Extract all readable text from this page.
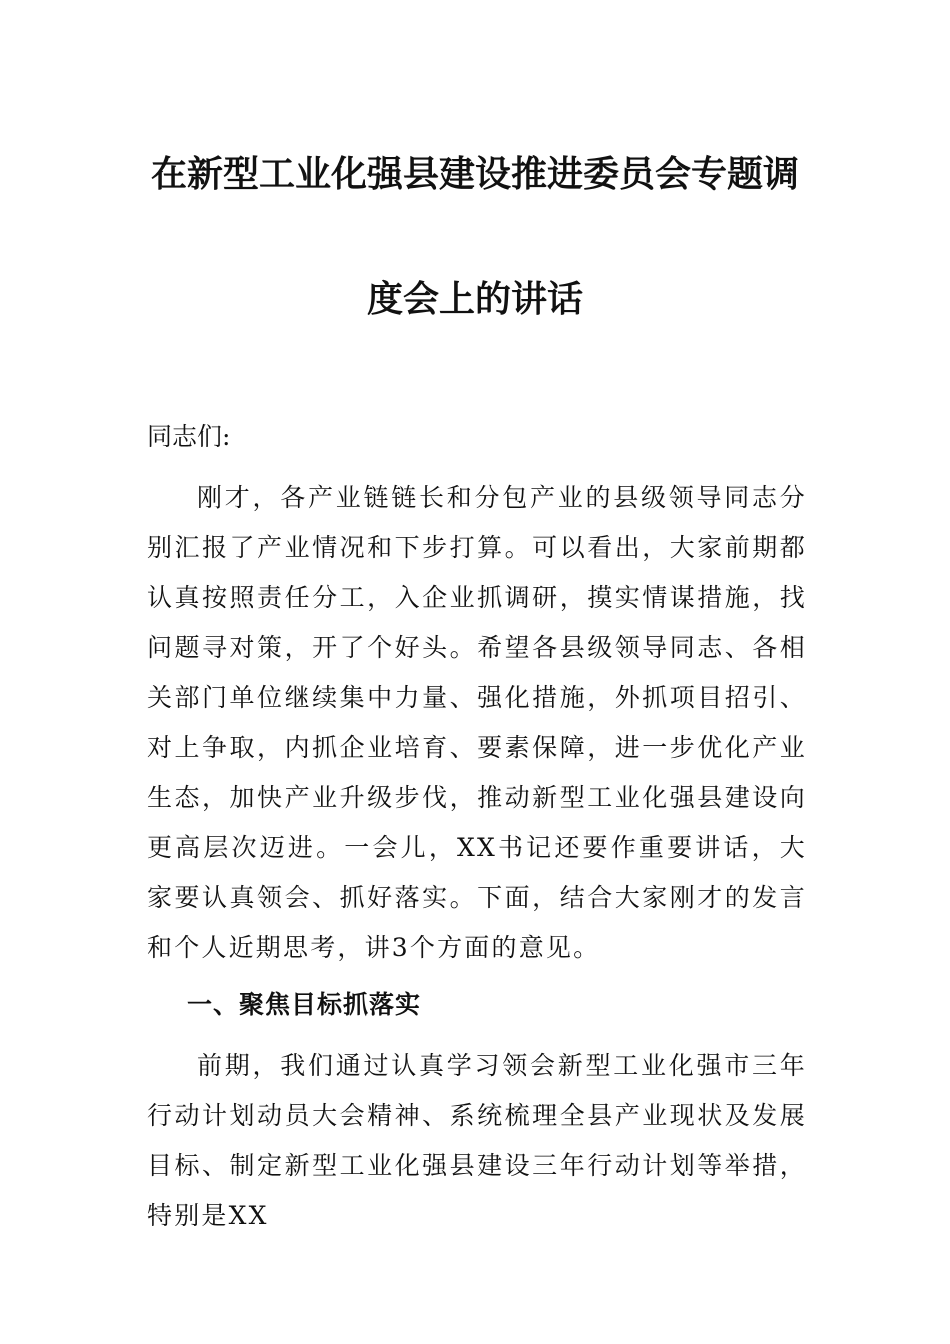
在新型工业化强县建设推进委员会专题调
度会上的讲话

同志们:

刚才，各产业链链长和分包产业的县级领导同志分别汇报了产业情况和下步打算。可以看出，大家前期都认真按照责任分工，入企业抓调研，摸实情谋措施，找问题寻对策，开了个好头。希望各县级领导同志、各相关部门单位继续集中力量、强化措施，外抓项目招引、对上争取，内抓企业培育、要素保障，进一步优化产业生态，加快产业升级步伐，推动新型工业化强县建设向更高层次迈进。一会儿，XX书记还要作重要讲话，大家要认真领会、抓好落实。下面，结合大家刚才的发言和个人近期思考，讲3个方面的意见。

一、聚焦目标抓落实

前期，我们通过认真学习领会新型工业化强市三年行动计划动员大会精神、系统梳理全县产业现状及发展目标、制定新型工业化强县建设三年行动计划等举措，特别是XX
